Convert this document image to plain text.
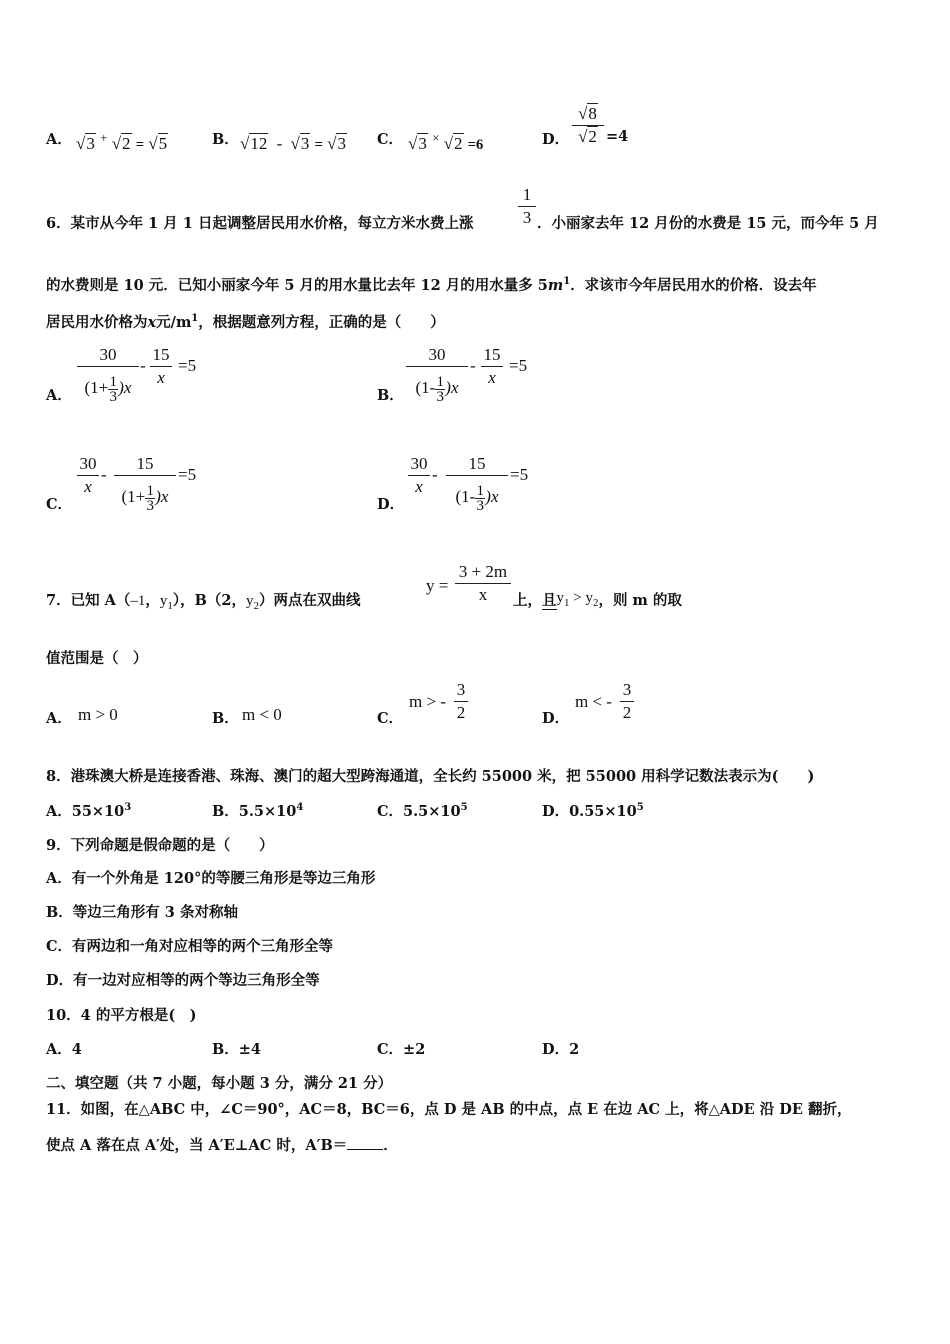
A． √3 + √2 = √5	B． √12 - √3 = √3 C． √3 × √2 =6	D．
√8
√2 =4
6．某市从今年 1 月 1 日起调整居民用水价格，每立方米水费上涨
1
3 ．小丽家去年 12 月份的水费是 15 元，而今年 5 月
的水费则是 10 元．已知小丽家今年 5 月的用水量比去年 12 月的用水量多 $5m^1$．求该市今年居民用水的价格．设去年
居民用水价格为x元$/m^1$，根据题意列方程，正确的是（　　）
A．
30
$(1+ \frac{1}{3} )x$
-
15
x
=5
B．
30
$(1- \frac{1}{3} )x$
-
15
x
=5
C．
30
x
-
15
$(1+ \frac{1}{3} )x$
=5
D．
30
x
-
15
$(1- \frac{1}{3} )x$
=5
7．已知 A（–1，$y_1$），B（2，$y_2$）两点在双曲线
y =
3 + 2m
x	上，且$y_1 > y_2$，则 m 的取
值范围是（　）
A． m > 0	B． m < 0	C．
m > -
3
2	D．
m < -
3
2
8．港珠澳大桥是连接香港、珠海、澳门的超大型跨海通道，全长约 55000 米，把 55000 用科学记数法表示为(　　)
A．$55\times 10^3$	B．$5.5\times 10^4$	C．$5.5\times 10^5$	D．$0.55\times 10^5$
9．下列命题是假命题的是（　　）
A．有一个外角是 120°的等腰三角形是等边三角形
B．等边三角形有 3 条对称轴
C．有两边和一角对应相等的两个三角形全等
D．有一边对应相等的两个等边三角形全等
10．4 的平方根是(　)
A．4	B．±4	C．±2	D．2
二、填空题（共 7 小题，每小题 3 分，满分 21 分）
11．如图，在△ABC 中，∠C＝90°，AC＝8，BC＝6，点 D 是 AB 的中点，点 E 在边 AC 上，将△ADE 沿 DE 翻折，
使点 A 落在点 A′处，当 A′E⊥AC 时，A′B＝ ．
